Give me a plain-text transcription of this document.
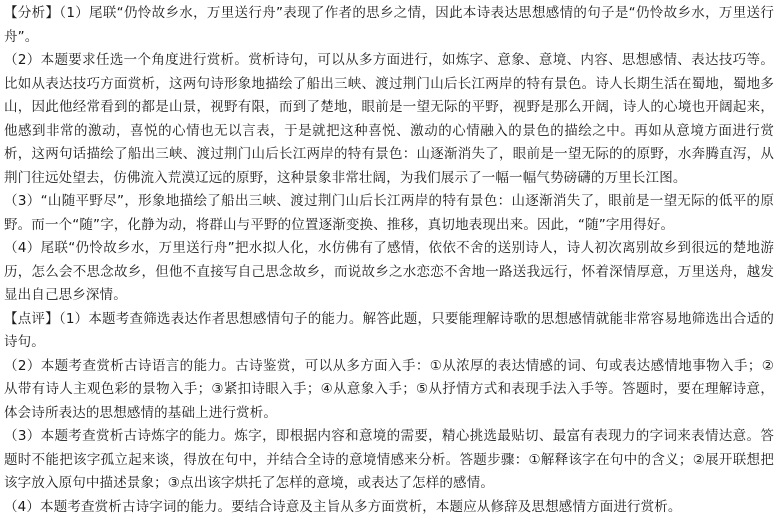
【分析】（1）尾联“仍怜故乡水，万里送行舟”表现了作者的思乡之情，因此本诗表达思想感情的句子是“仍怜故乡水，万里送行舟”。

（2）本题要求任选一个角度进行赏析。赏析诗句，可以从多方面进行，如炼字、意象、意境、内容、思想感情、表达技巧等。比如从表达技巧方面赏析，这两句诗形象地描绘了船出三峡、渡过荆门山后长江两岸的特有景色。诗人长期生活在蜀地，蜀地多山，因此他经常看到的都是山景，视野有限，而到了楚地，眼前是一望无际的平野，视野是那么开阔，诗人的心境也开阔起来，他感到非常的激动，喜悦的心情也无以言表，于是就把这种喜悦、激动的心情融入的景色的描绘之中。再如从意境方面进行赏析，这两句话描绘了船出三峡、渡过荆门山后长江两岸的特有景色：山逐渐消失了，眼前是一望无际的的原野，水奔腾直泻，从荆门往远处望去，仿佛流入荒漠辽远的原野，这种景象非常壮阔，为我们展示了一幅一幅气势磅礴的万里长江图。

（3）“山随平野尽”，形象地描绘了船出三峡、渡过荆门山后长江两岸的特有景色：山逐渐消失了，眼前是一望无际的低平的原野。而一个“随”字，化静为动，将群山与平野的位置逐渐变换、推移，真切地表现出来。因此，“随”字用得好。

（4）尾联“仍怜故乡水，万里送行舟”把水拟人化，水仿佛有了感情，依依不舍的送别诗人，诗人初次离别故乡到很远的楚地游历，怎么会不思念故乡，但他不直接写自己思念故乡，而说故乡之水恋恋不舍地一路送我远行，怀着深情厚意，万里送舟，越发显出自己思乡深情。

【点评】（1）本题考查筛选表达作者思想感情句子的能力。解答此题，只要能理解诗歌的思想感情就能非常容易地筛选出合适的诗句。

（2）本题考查赏析古诗语言的能力。古诗鉴赏，可以从多方面入手：①从浓厚的表达情感的词、句或表达感情地事物入手；②从带有诗人主观色彩的景物入手；③紧扣诗眼入手；④从意象入手；⑤从抒情方式和表现手法入手等。答题时，要在理解诗意，体会诗所表达的思想感情的基础上进行赏析。

（3）本题考查赏析古诗炼字的能力。炼字，即根据内容和意境的需要，精心挑选最贴切、最富有表现力的字词来表情达意。答题时不能把该字孤立起来谈，得放在句中，并结合全诗的意境情感来分析。答题步骤：①解释该字在句中的含义；②展开联想把该字放入原句中描述景象；③点出该字烘托了怎样的意境，或表达了怎样的感情。

（4）本题考查赏析古诗字词的能力。要结合诗意及主旨从多方面赏析，本题应从修辞及思想感情方面进行赏析。
